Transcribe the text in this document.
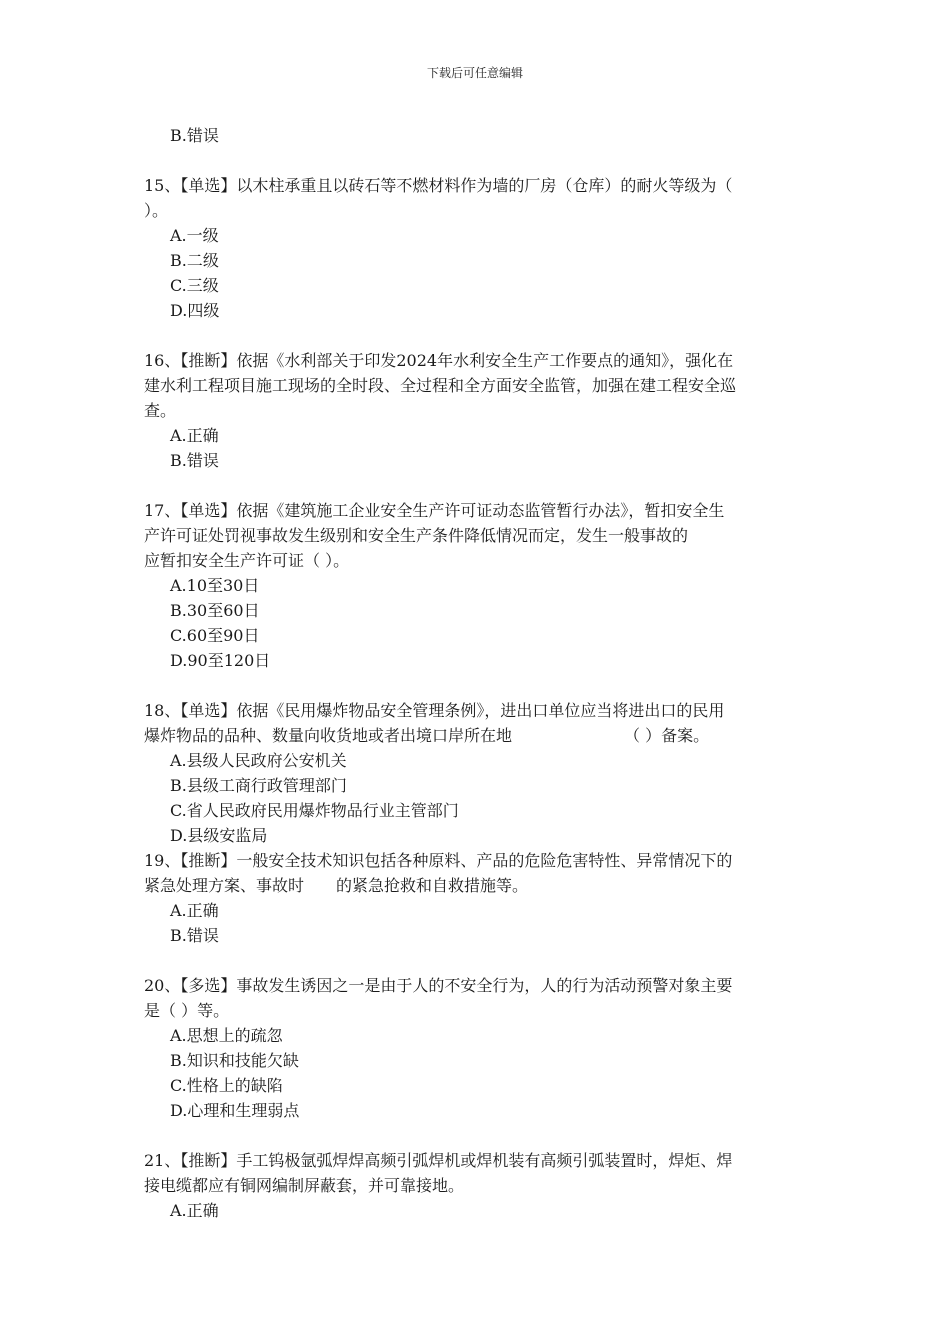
下载后可任意编辑
B.错误
15、【单选】以木柱承重且以砖石等不燃材料作为墙的厂房（仓库）的耐火等级为（
）。
A.一级
B.二级
C.三级
D.四级
16、【推断】依据《水利部关于印发2024年水利安全生产工作要点的通知》，强化在
建水利工程项目施工现场的全时段、全过程和全方面安全监管，加强在建工程安全巡
查。
A.正确
B.错误
17、【单选】依据《建筑施工企业安全生产许可证动态监管暂行办法》，暂扣安全生
产许可证处罚视事故发生级别和安全生产条件降低情况而定，发生一般事故的
应暂扣安全生产许可证（ ）。
A.10至30日
B.30至60日
C.60至90日
D.90至120日
18、【单选】依据《民用爆炸物品安全管理条例》，进出口单位应当将进出口的民用
爆炸物品的品种、数量向收货地或者出境口岸所在地	（ ）备案。
A.县级人民政府公安机关
B.县级工商行政管理部门
C.省人民政府民用爆炸物品行业主管部门
D.县级安监局
19、【推断】一般安全技术知识包括各种原料、产品的危险危害特性、异常情况下的
紧急处理方案、事故时 的紧急抢救和自救措施等。
A.正确
B.错误
20、【多选】事故发生诱因之一是由于人的不安全行为，人的行为活动预警对象主要
是（ ）等。
A.思想上的疏忽
B.知识和技能欠缺
C.性格上的缺陷
D.心理和生理弱点
21、【推断】手工钨极氩弧焊焊高频引弧焊机或焊机装有高频引弧装置时，焊炬、焊
接电缆都应有铜网编制屏蔽套，并可靠接地。
A.正确
